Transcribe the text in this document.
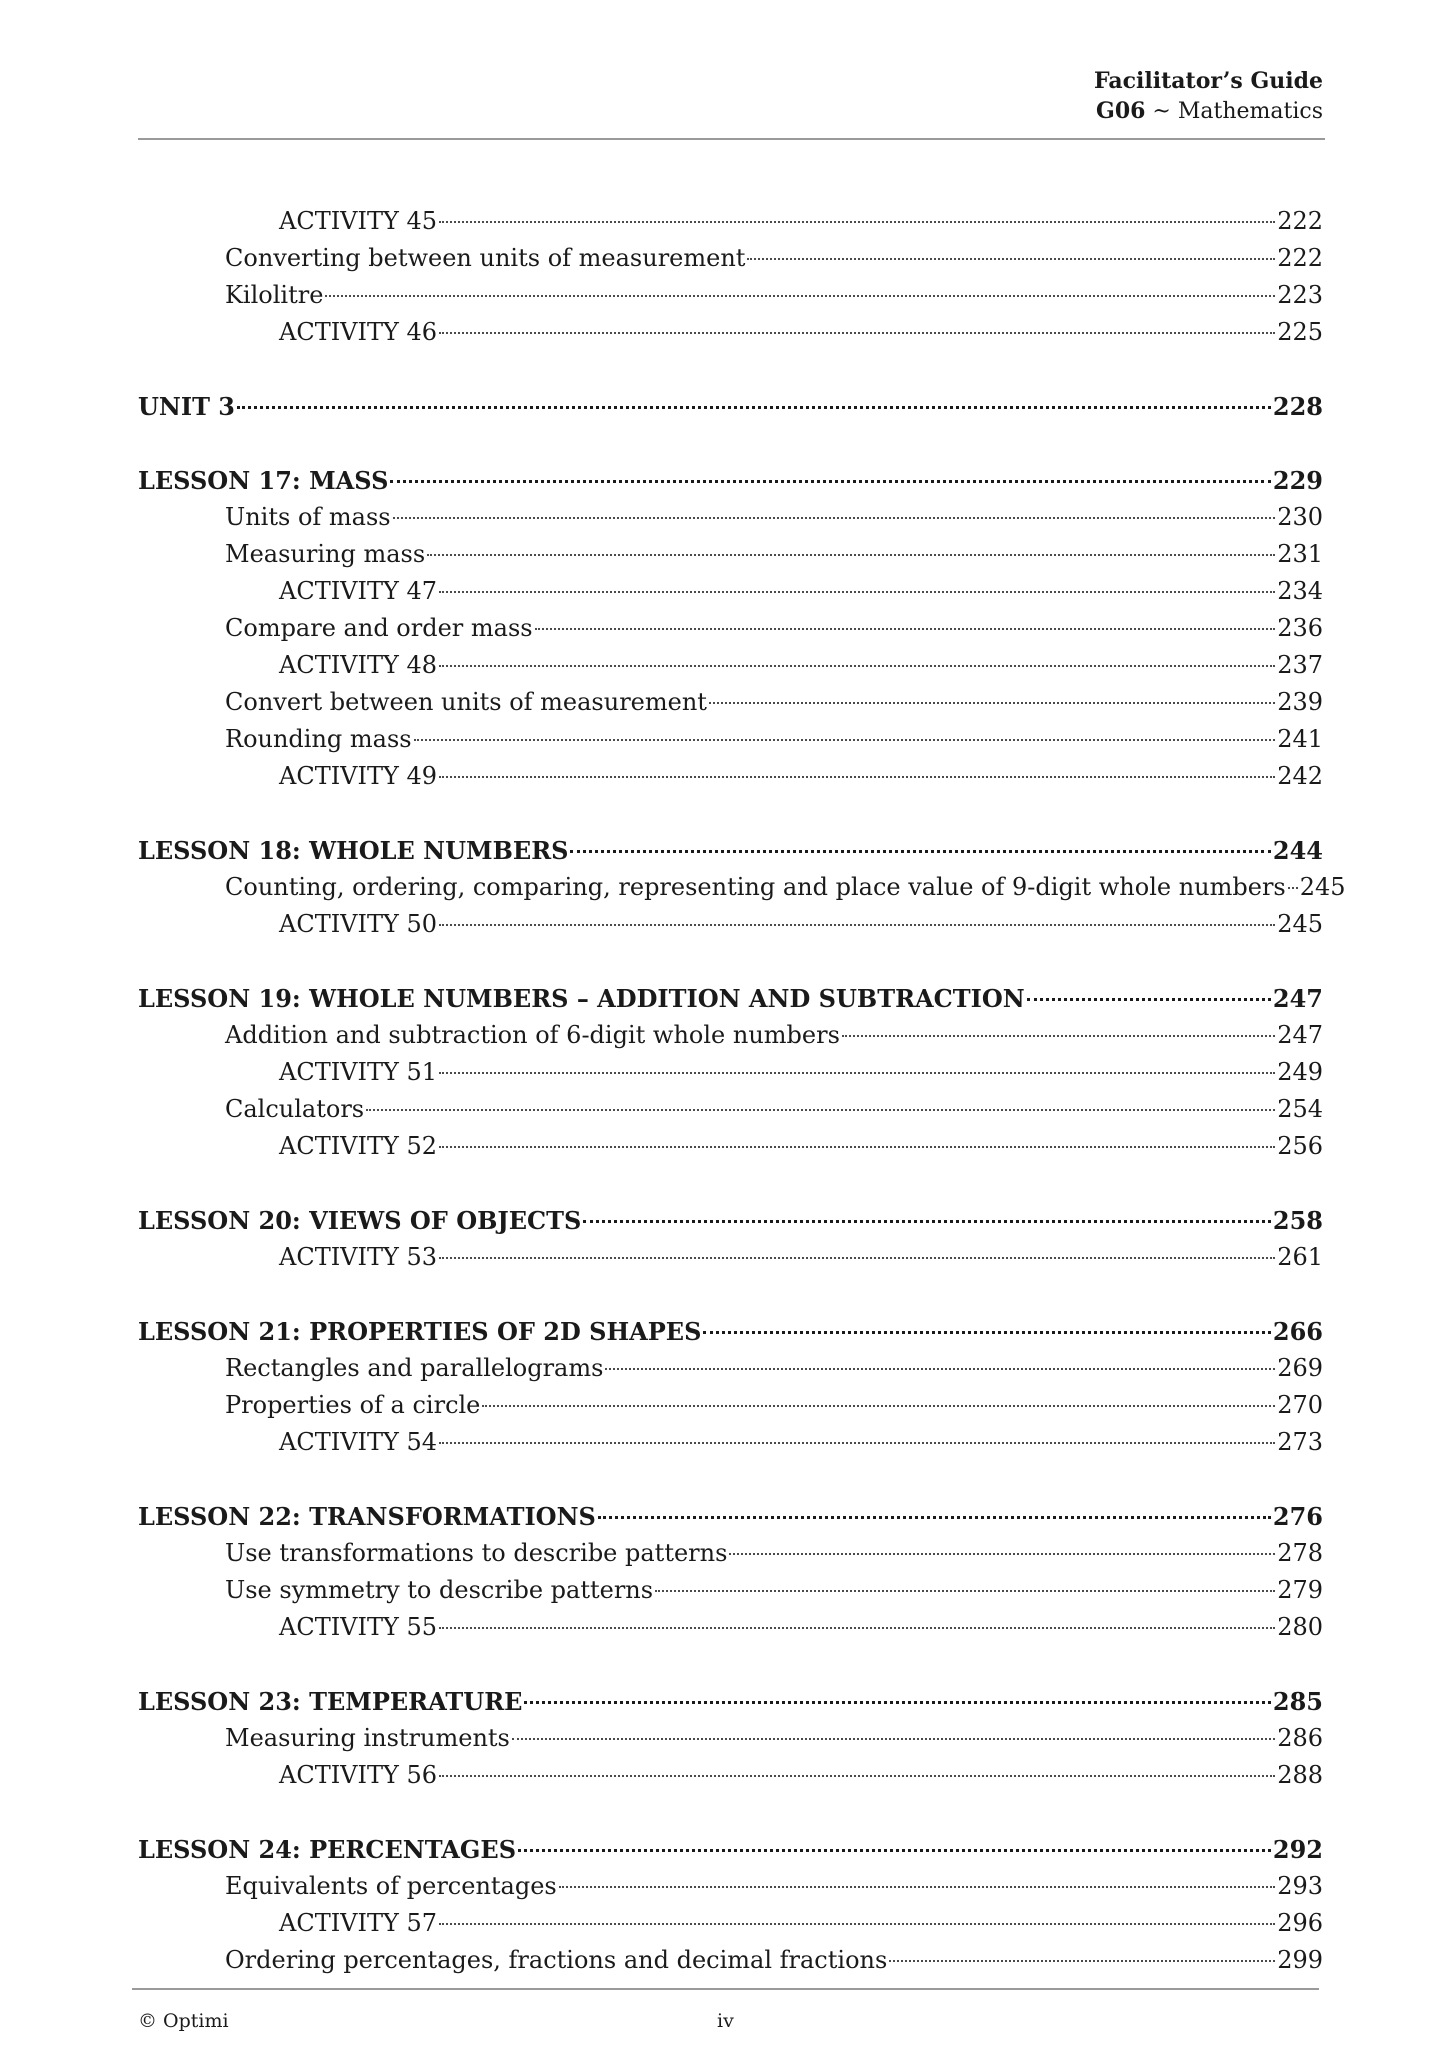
Facilitator’s Guide
G06 ~ Mathematics
ACTIVITY 45	222
Converting between units of measurement	222
Kilolitre	223
ACTIVITY 46	225
UNIT 3	228
LESSON 17: MASS	229
Units of mass	230
Measuring mass	231
ACTIVITY 47	234
Compare and order mass	236
ACTIVITY 48	237
Convert between units of measurement	239
Rounding mass	241
ACTIVITY 49	242
LESSON 18: WHOLE NUMBERS	244
Counting, ordering, comparing, representing and place value of 9-digit whole numbers 245
ACTIVITY 50	245
LESSON 19: WHOLE NUMBERS – ADDITION AND SUBTRACTION	247
Addition and subtraction of 6-digit whole numbers	247
ACTIVITY 51	249
Calculators	254
ACTIVITY 52	256
LESSON 20: VIEWS OF OBJECTS	258
ACTIVITY 53	261
LESSON 21: PROPERTIES OF 2D SHAPES	266
Rectangles and parallelograms	269
Properties of a circle	270
ACTIVITY 54	273
LESSON 22: TRANSFORMATIONS	276
Use transformations to describe patterns	278
Use symmetry to describe patterns	279
ACTIVITY 55	280
LESSON 23: TEMPERATURE	285
Measuring instruments	286
ACTIVITY 56	288
LESSON 24: PERCENTAGES	292
Equivalents of percentages	293
ACTIVITY 57	296
Ordering percentages, fractions and decimal fractions	299
© Optimi	iv
